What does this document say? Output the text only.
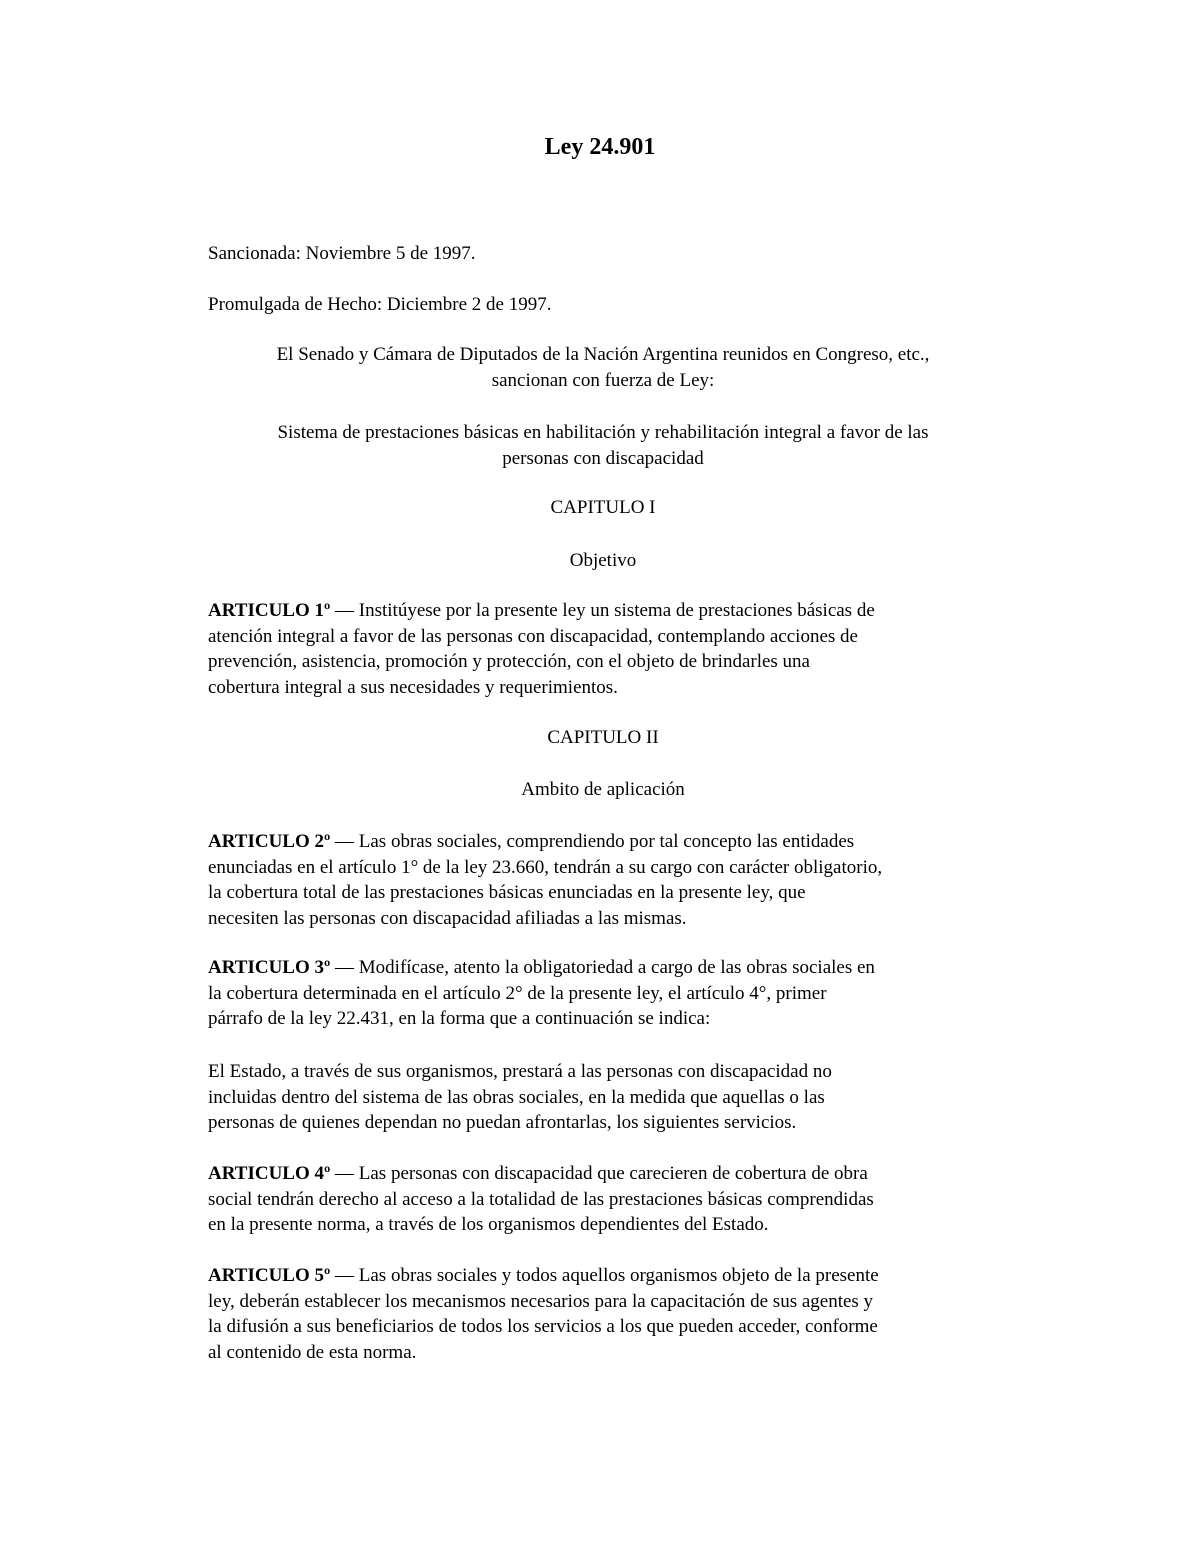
Ley 24.901
Sancionada: Noviembre 5 de 1997.
Promulgada de Hecho: Diciembre 2 de 1997.
El Senado y Cámara de Diputados de la Nación Argentina reunidos en Congreso, etc.,
sancionan con fuerza de Ley:
Sistema de prestaciones básicas en habilitación y rehabilitación integral a favor de las
personas con discapacidad
CAPITULO I
Objetivo
ARTICULO 1º — Institúyese por la presente ley un sistema de prestaciones básicas de
atención integral a favor de las personas con discapacidad, contemplando acciones de
prevención, asistencia, promoción y protección, con el objeto de brindarles una
cobertura integral a sus necesidades y requerimientos.
CAPITULO II
Ambito de aplicación
ARTICULO 2º — Las obras sociales, comprendiendo por tal concepto las entidades
enunciadas en el artículo 1° de la ley 23.660, tendrán a su cargo con carácter obligatorio,
la cobertura total de las prestaciones básicas enunciadas en la presente ley, que
necesiten las personas con discapacidad afiliadas a las mismas.
ARTICULO 3º — Modifícase, atento la obligatoriedad a cargo de las obras sociales en
la cobertura determinada en el artículo 2° de la presente ley, el artículo 4°, primer
párrafo de la ley 22.431, en la forma que a continuación se indica:
El Estado, a través de sus organismos, prestará a las personas con discapacidad no
incluidas dentro del sistema de las obras sociales, en la medida que aquellas o las
personas de quienes dependan no puedan afrontarlas, los siguientes servicios.
ARTICULO 4º — Las personas con discapacidad que carecieren de cobertura de obra
social tendrán derecho al acceso a la totalidad de las prestaciones básicas comprendidas
en la presente norma, a través de los organismos dependientes del Estado.
ARTICULO 5º — Las obras sociales y todos aquellos organismos objeto de la presente
ley, deberán establecer los mecanismos necesarios para la capacitación de sus agentes y
la difusión a sus beneficiarios de todos los servicios a los que pueden acceder, conforme
al contenido de esta norma.
